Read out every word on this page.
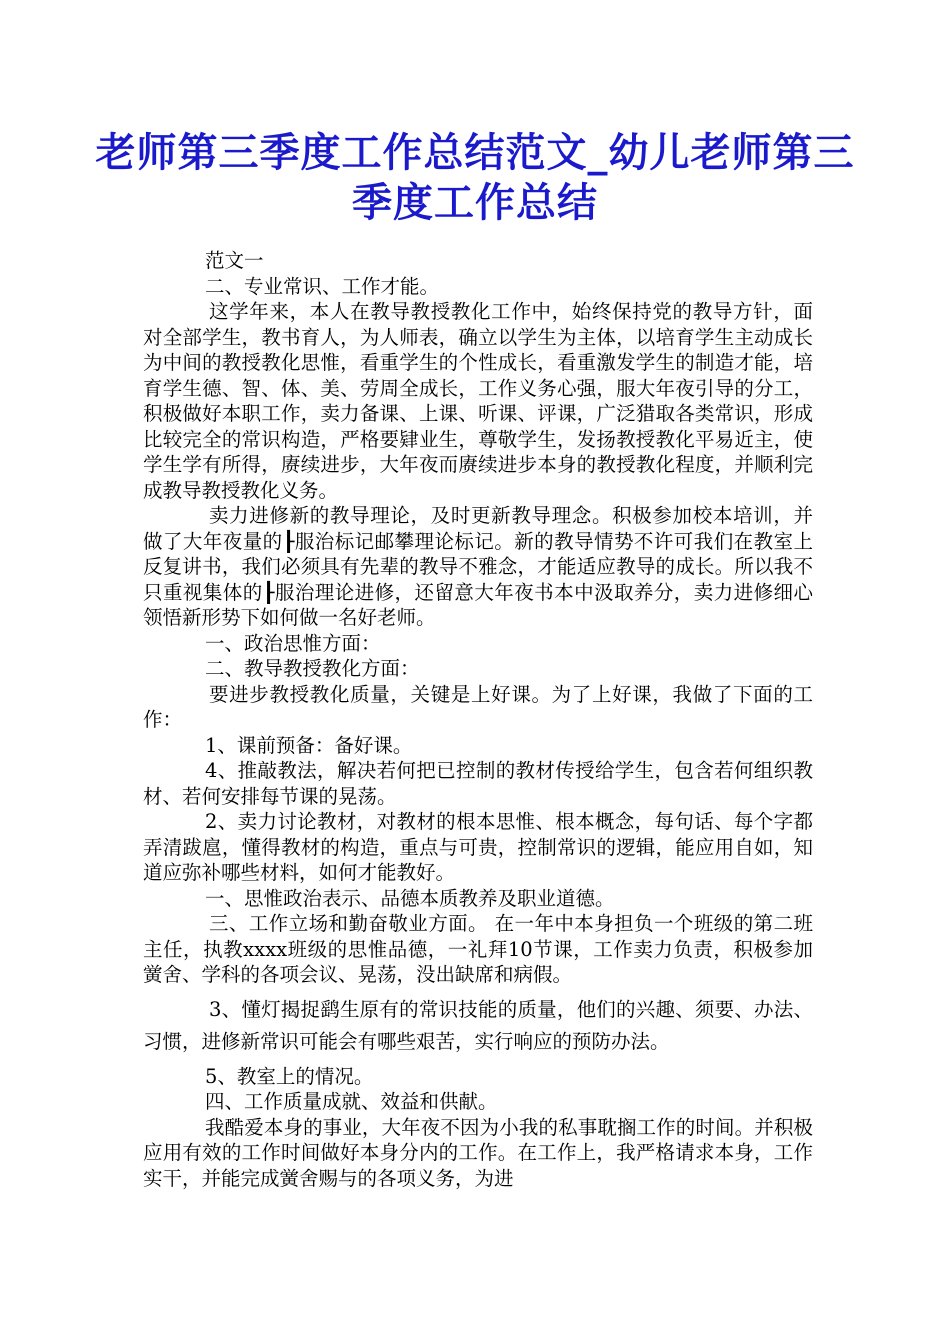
老师第三季度工作总结范文_幼儿老师第三季度工作总结

范文一

二、专业常识、工作才能。

这学年来，本人在教导教授教化工作中，始终保持党的教导方针，面对全部学生，教书育人，为人师表，确立以学生为主体，以培育学生主动成长为中间的教授教化思惟，看重学生的个性成长，看重激发学生的制造才能，培育学生德、智、体、美、劳周全成长，工作义务心强，服大年夜引导的分工，积极做好本职工作，卖力备课、上课、听课、评课，广泛猎取各类常识，形成比较完全的常识构造，严格要肄业生，尊敬学生，发扬教授教化平易近主，使学生学有所得，赓续进步，大年夜而赓续进步本身的教授教化程度，并顺利完成教导教授教化义务。

卖力进修新的教导理论，及时更新教导理念。积极参加校本培训，并做了大年夜量的┠服治标记邮攀理论标记。新的教导情势不许可我们在教室上反复讲书，我们必须具有先辈的教导不雅念，才能适应教导的成长。所以我不只重视集体的┠服治理论进修，还留意大年夜书本中汲取养分，卖力进修细心领悟新形势下如何做一名好老师。

一、政治思惟方面：

二、教导教授教化方面：

要进步教授教化质量，关键是上好课。为了上好课，我做了下面的工作：

1、课前预备：备好课。

4、推敲教法，解决若何把已控制的教材传授给学生，包含若何组织教材、若何安排每节课的晃荡。

2、卖力讨论教材，对教材的根本思惟、根本概念，每句话、每个字都弄清跋扈，懂得教材的构造，重点与可贵，控制常识的逻辑，能应用自如，知道应弥补哪些材料，如何才能教好。

一、思惟政治表示、品德本质教养及职业道德。

三、工作立场和勤奋敬业方面。 在一年中本身担负一个班级的第二班主任，执教xxxx班级的思惟品德，一礼拜10节课，工作卖力负责，积极参加黉舍、学科的各项会议、晃荡，没出缺席和病假。

3、懂灯揭捉鹞生原有的常识技能的质量，他们的兴趣、须要、办法、习惯，进修新常识可能会有哪些艰苦，实行响应的预防办法。

5、教室上的情况。

四、工作质量成就、效益和供献。

我酷爱本身的事业，大年夜不因为小我的私事耽搁工作的时间。并积极应用有效的工作时间做好本身分内的工作。在工作上，我严格请求本身，工作实干，并能完成黉舍赐与的各项义务，为进
